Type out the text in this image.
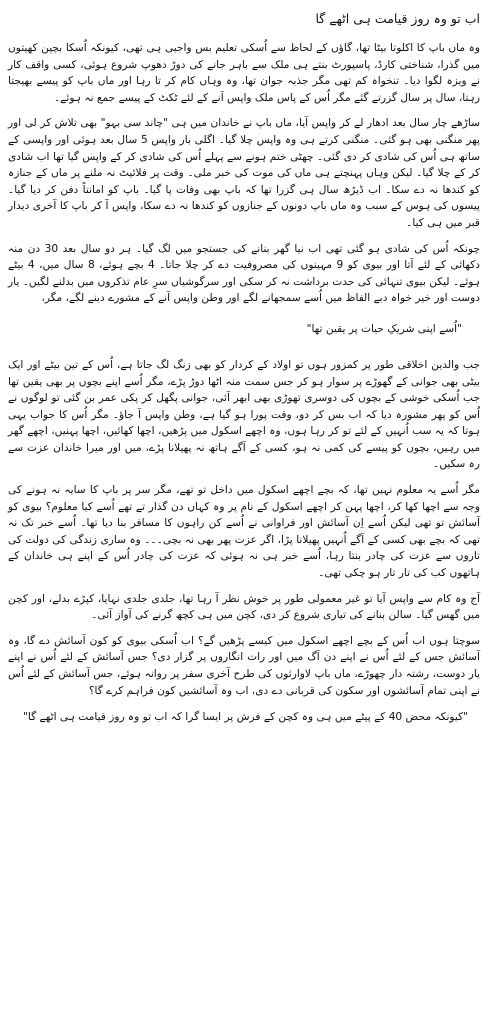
اب تو وہ روز قیامت ہی اٹھے گا

وہ ماں باپ کا اکلوتا بیٹا تھا، گاؤں کے لحاظ سے اُسکی تعلیم بس واجبی ہی تھی، کیونکہ اُسکا بچپن کھیتوں میں گذرا، شناختی کارڈ، پاسپورٹ بنتے ہی ملک سے باہر جانے کی دوڑ دھوپ شروع ہوئی، کسی واقف کار نے ویزہ لگوا دیا۔ تنخواہ کم تھی مگر جذبہ جوان تھا، وہ وہاں کام کر تا رہا اور ماں باپ کو پیسے بھیجتا رہتا، سال پر سال گزرتے گئے مگر اُس کے پاس ملک واپس آنے کے لئے ٹکٹ کے پیسے جمع نہ ہوئے۔

ساڑھے چار سال بعد ادھار لے کر واپس آیا، ماں باپ نے خاندان میں ہی "چاند سی بہو" بھی تلاش کر لی اور پھر منگنی بھی ہو گئی۔ منگنی کرتے ہی وہ واپس چلا گیا۔ اگلی بار واپس 5 سال بعد ہوئی اور واپسی کے ساتھ ہی اُس کی شادی کر دی گئی۔ چھٹی ختم ہونے سے پہلے اُس کی شادی کر کے واپس گیا تھا اب شادی کر کے چلا گیا۔ لیکن وہاں پہنچتے ہی ماں کی موت کی خبر ملی۔ وقت پر فلائیٹ نہ ملنے پر ماں کے جنازہ کو کندھا نہ دے سکا۔ اب ڈیڑھ سال ہی گزرا تھا کہ باپ بھی وفات پا گیا۔ باپ کو امانتاً دفن کر دیا گیا۔ پیسوں کی ہوس کے سبب وہ ماں باپ دونوں کے جنازوں کو کندھا نہ دے سکا، واپس آ کر باپ کا آخری دیدار قبر میں ہی کیا۔

چونکہ اُس کی شادی ہو گئی تھی اب نیا گھر بنانے کی جستجو میں لگ گیا۔ ہر دو سال بعد 30 دن منہ دکھائی کے لئے آتا اور بیوی کو 9 مہینوں کی مصروفیت دے کر چلا جاتا۔ 4 بچے ہوئے، 8 سال میں، 4 بیٹے ہوئے۔ لیکن بیوی تنہائی کی حدت برداشت نہ کر سکی اور سرگوشیاں سرِ عام تذکروں میں بدلنے لگیں۔ یار دوست اور خیر خواہ دبے الفاظ میں اُسے سمجھانے لگے اور وطن واپس آنے کے مشورے دینے لگے، مگر،

"اُسے اپنی شریکِ حیات پر یقین تھا"

جب والدین اخلاقی طور پر کمزور ہوں تو اولاد کے کردار کو بھی زنگ لگ جاتا ہے، اُس کے تین بیٹے اور ایک بیٹی بھی جوانی کے گھوڑے پر سوار ہو کر جس سمت منہ اٹھا دوڑ پڑے، مگر اُسے اپنے بچوں پر بھی یقین تھا جب اُسکی خوشی کے بچوں کی دوسری تھوڑی بھی ابھر آئی، جوانی پگھل کر پکی عمر بن گئی تو لوگوں نے اُس کو پھر مشورہ دیا کہ اب بس کر دو، وقت پورا ہو گیا ہے، وطن واپس آ جاؤ۔ مگر اُس کا جواب یہی ہوتا کہ یہ سب اُنہیں کے لئے تو کر رہا ہوں، وہ اچھے اسکول میں پڑھیں، اچھا کھائیں، اچھا پہنیں، اچھے گھر میں رہیں، بچوں کو پیسے کی کمی نہ ہو، کسی کے آگے ہاتھ نہ پھیلانا پڑے، میں اور میرا خاندان عزت سے رہ سکیں۔

مگر اُسے یہ معلوم نہیں تھا، کہ بچے اچھے اسکول میں داخل تو تھے، مگر سر پر باپ کا سایہ نہ ہونے کی وجہ سے اچھا کھا کر، اچھا پہن کر اچھے اسکول کے نام پر وہ کہاں دن گذار تے تھے اُسے کیا معلوم؟ بیوی کو آسائش تو تھی لیکن اُسے اِن آسائش اور فراوانی نے اُسے کن راہوں کا مسافر بنا دیا تھا۔ اُسے خبر تک نہ تھی کہ بچے بھی کسی کے آگے اُنہیں پھیلانا پڑا، اگر عزت پھر بھی نہ بچی۔۔۔ وہ ساری زندگی کی دولت کی تاروں سے عزت کی چادر بنتا رہا، اُسے خبر ہی نہ ہوئی کہ عزت کی چادر اُس کے اپنے ہی خاندان کے ہاتھوں کب کی تار تار ہو چکی تھی۔

آج وہ کام سے واپس آیا تو غیر معمولی طور پر خوش نظر آ رہا تھا، جلدی جلدی نہایا، کپڑے بدلے، اور کچن میں گھس گیا۔ سالن بنانے کی تیاری شروع کر دی، کچن میں ہی کچھ گرنے کی آواز آئی۔

سوچتا ہوں اب اُس کے بچے اچھے اسکول میں کیسے پڑھیں گے؟ اب اُسکی بیوی کو کون آسائش دے گا، وہ آسائش جس کے لئے اُس نے اپنے دن آگ میں اور رات انگاروں پر گزار دی؟ جس آسائش کے لئے اُس نے اپنے یار دوست، رشتہ دار چھوڑے، ماں باپ لاوارثوں کی طرح آخری سفر پر روانہ ہوئے، جس آسائش کے لئے اُس نے اپنی تمام آسائشوں اور سکون کی قربانی دے دی، اب وہ آسائشیں کون فراہم کرے گا؟

"کیونکہ محض 40 کے پیٹے میں ہی وہ کچن کے فرش پر ایسا گرا کہ اب تو وہ روز قیامت ہی اٹھے گا"
